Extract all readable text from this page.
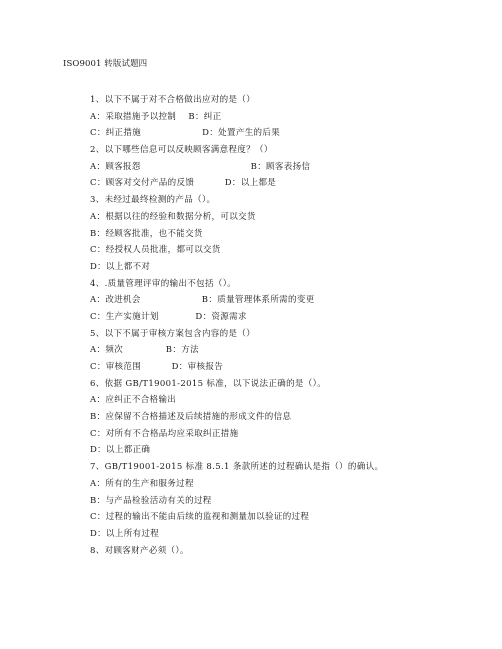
ISO9001 转版试题四
1、以下不属于对不合格做出应对的是（）
A：采取措施予以控制    B：纠正
C：纠正措施                    D：处置产生的后果
2、以下哪些信息可以反映顾客满意程度？（）
A：顾客报怨                                    B：顾客表扬信
C：顾客对交付产品的反馈          D：以上都是
3、未经过最终检测的产品（）。
A：根据以往的经验和数据分析，可以交货
B：经顾客批准，也不能交货
C：经授权人员批准，都可以交货
D：以上都不对
4、.质量管理评审的输出不包括（）。
A：改进机会                    B：质量管理体系所需的变更
C：生产实施计划            D：资源需求
5、以下不属于审核方案包含内容的是（）
A：频次              B：方法
C：审核范围          D：审核报告
6、依据 GB/T19001-2015 标准，以下说法正确的是（）。
A：应纠正不合格输出
B：应保留不合格描述及后续措施的形成文件的信息
C：对所有不合格品均应采取纠正措施
D：以上都正确
7、GB/T19001-2015 标准 8.5.1 条款所述的过程确认是指（）的确认。
A：所有的生产和服务过程
B：与产品检验活动有关的过程
C：过程的输出不能由后续的监视和测量加以验证的过程
D：以上所有过程
8、对顾客财产必须（）。
